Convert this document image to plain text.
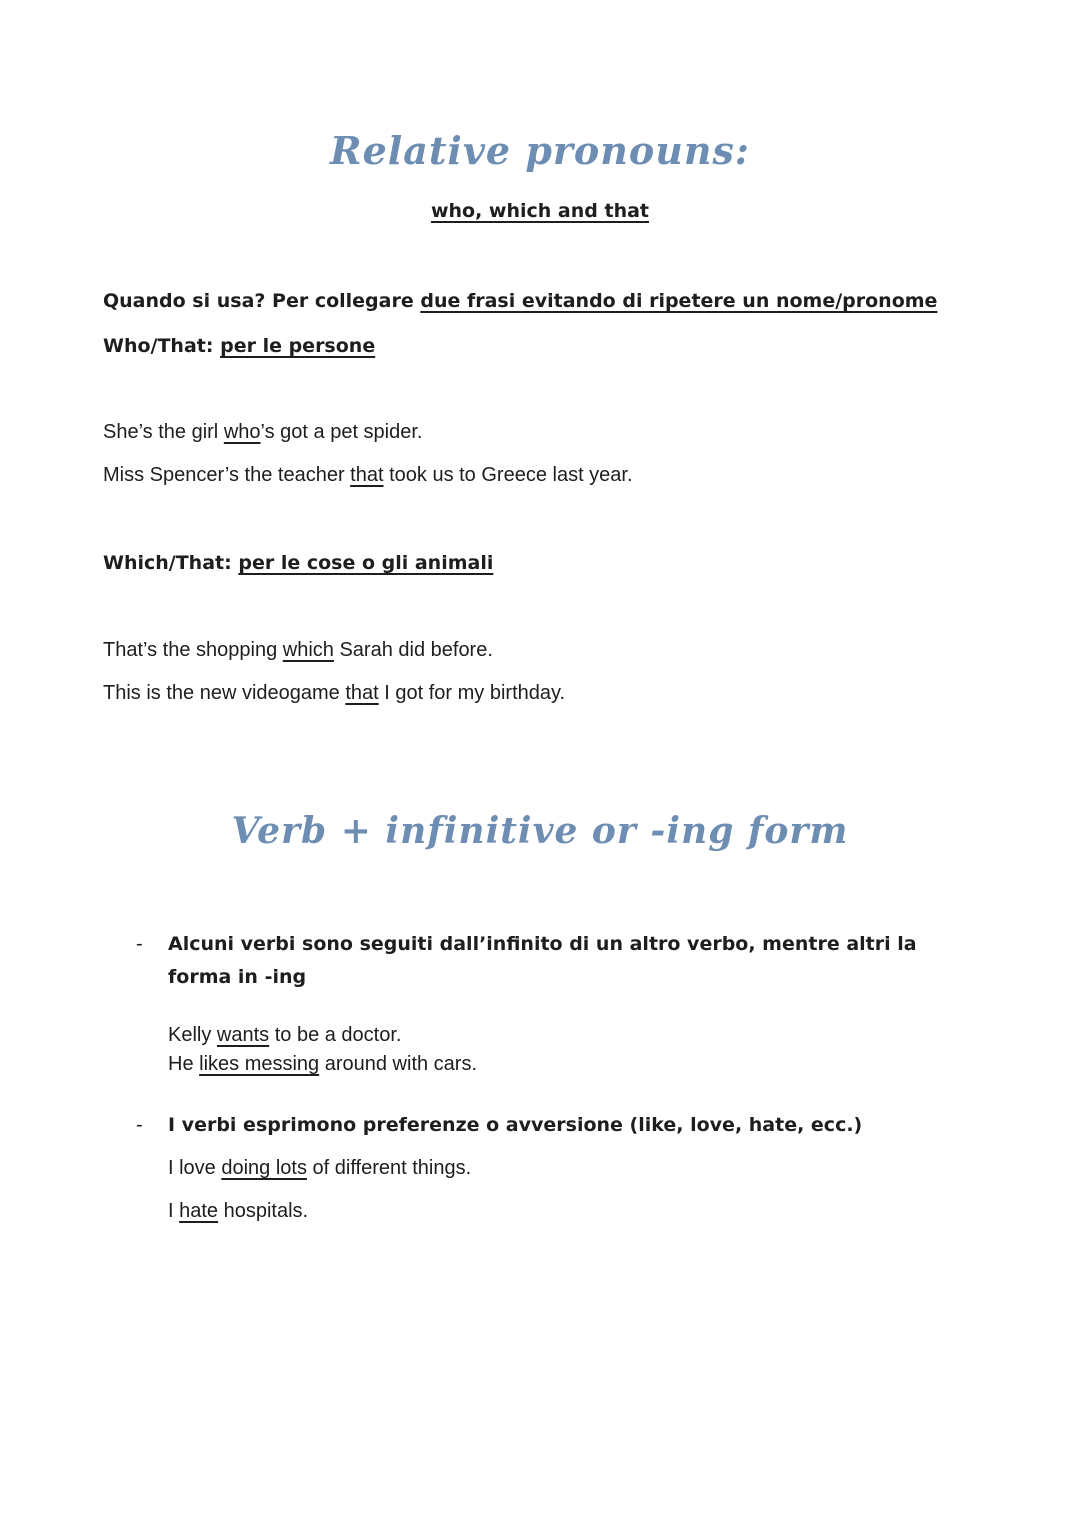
Relative pronouns:
who, which and that
Quando si usa? Per collegare due frasi evitando di ripetere un nome/pronome
Who/That: per le persone
She’s the girl who’s got a pet spider.
Miss Spencer’s the teacher that took us to Greece last year.
Which/That: per le cose o gli animali
That’s the shopping which Sarah did before.
This is the new videogame that I got for my birthday.
Verb + infinitive or -ing form
- Alcuni verbi sono seguiti dall’infinito di un altro verbo, mentre altri la
forma in -ing
Kelly wants to be a doctor.
He likes messing around with cars.
- I verbi esprimono preferenze o avversione (like, love, hate, ecc.)
I love doing lots of different things.
I hate hospitals.
